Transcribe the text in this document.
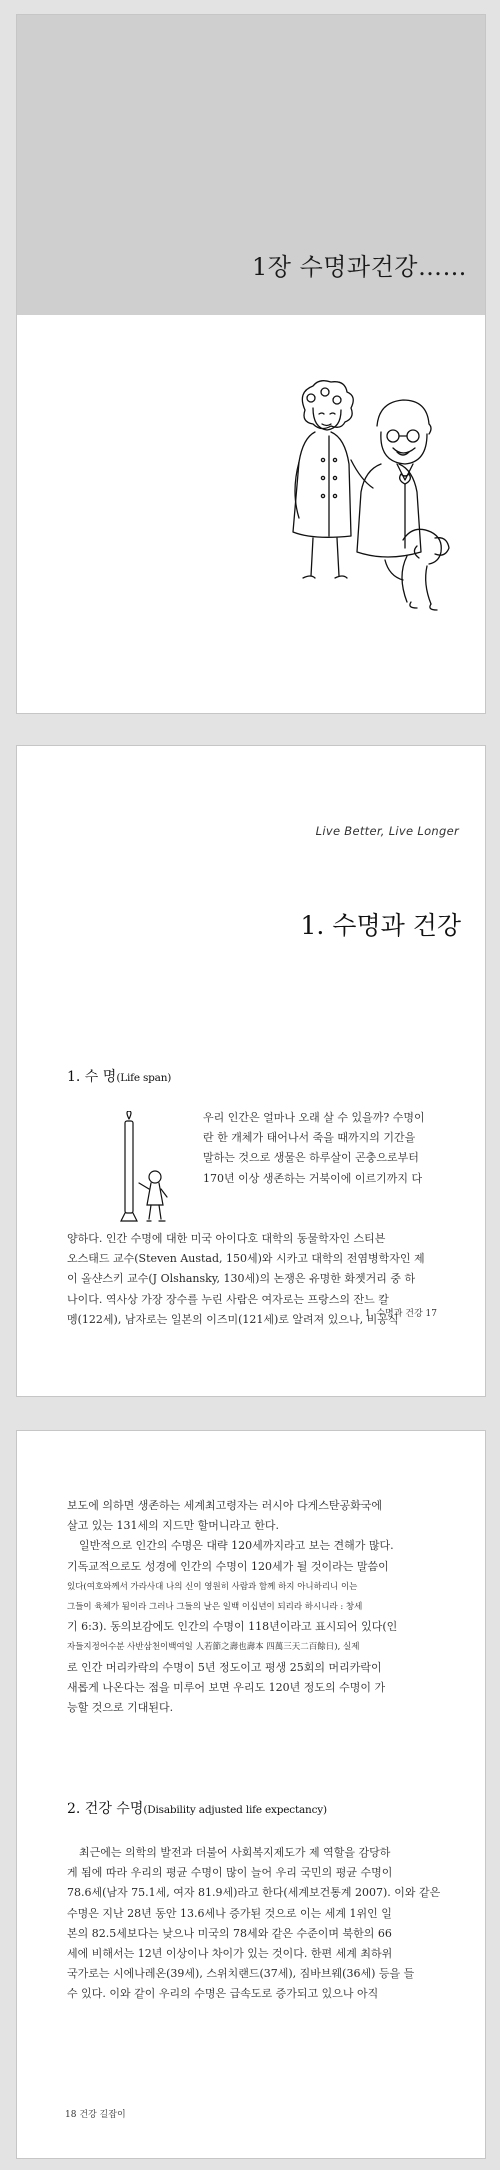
1장 수명과건강……
Live Better, Live Longer
1. 수명과 건강
1. 수 명(Life span)

우리 인간은 얼마나 오래 살 수 있을까? 수명이

란 한 개체가 태어나서 죽을 때까지의 기간을

말하는 것으로 생물은 하루살이 곤충으로부터

170년 이상 생존하는 거북이에 이르기까지 다

양하다. 인간 수명에 대한 미국 아이다호 대학의 동물학자인 스티븐

오스태드 교수(Steven Austad, 150세)와 시카고 대학의 전염병학자인 제

이 올샨스키 교수(J Olshansky, 130세)의 논쟁은 유명한 화젯거리 중 하

나이다. 역사상 가장 장수를 누린 사람은 여자로는 프랑스의 잔느 칼

멩(122세), 남자로는 일본의 이즈미(121세)로 알려져 있으나, 비공식

1. 수명과 건강 17

보도에 의하면 생존하는 세계최고령자는 러시아 다게스탄공화국에

살고 있는 131세의 지드만 할머니라고 한다.

일반적으로 인간의 수명은 대략 120세까지라고 보는 견해가 많다.

기독교적으로도 성경에 인간의 수명이 120세가 될 것이라는 말씀이

있다(여호와께서 가라사대 나의 신이 영원히 사람과 함께 하지 아니하리니 이는

그들이 육체가 됨이라 그러나 그들의 날은 일백 이십년이 되리라 하시니라 : 창세

기 6:3). 동의보감에도 인간의 수명이 118년이라고 표시되어 있다(인

자들지정어수분 사반삼천이백여일 人若節之壽也壽本 四萬三天二百餘日), 실제

로 인간 머리카락의 수명이 5년 정도이고 평생 25회의 머리카락이

새롭게 나온다는 점을 미루어 보면 우리도 120년 정도의 수명이 가

능할 것으로 기대된다.

2. 건강 수명(Disability adjusted life expectancy)

최근에는 의학의 발전과 더불어 사회복지제도가 제 역할을 감당하

게 됨에 따라 우리의 평균 수명이 많이 늘어 우리 국민의 평균 수명이

78.6세(남자 75.1세, 여자 81.9세)라고 한다(세계보건통계 2007). 이와 같은

수명은 지난 28년 동안 13.6세나 증가된 것으로 이는 세계 1위인 일

본의 82.5세보다는 낮으나 미국의 78세와 같은 수준이며 북한의 66

세에 비해서는 12년 이상이나 차이가 있는 것이다. 한편 세계 최하위

국가로는 시에나레온(39세), 스위치랜드(37세), 짐바브웨(36세) 등을 들

수 있다. 이와 같이 우리의 수명은 급속도로 증가되고 있으나 아직

18 건강 길잡이
